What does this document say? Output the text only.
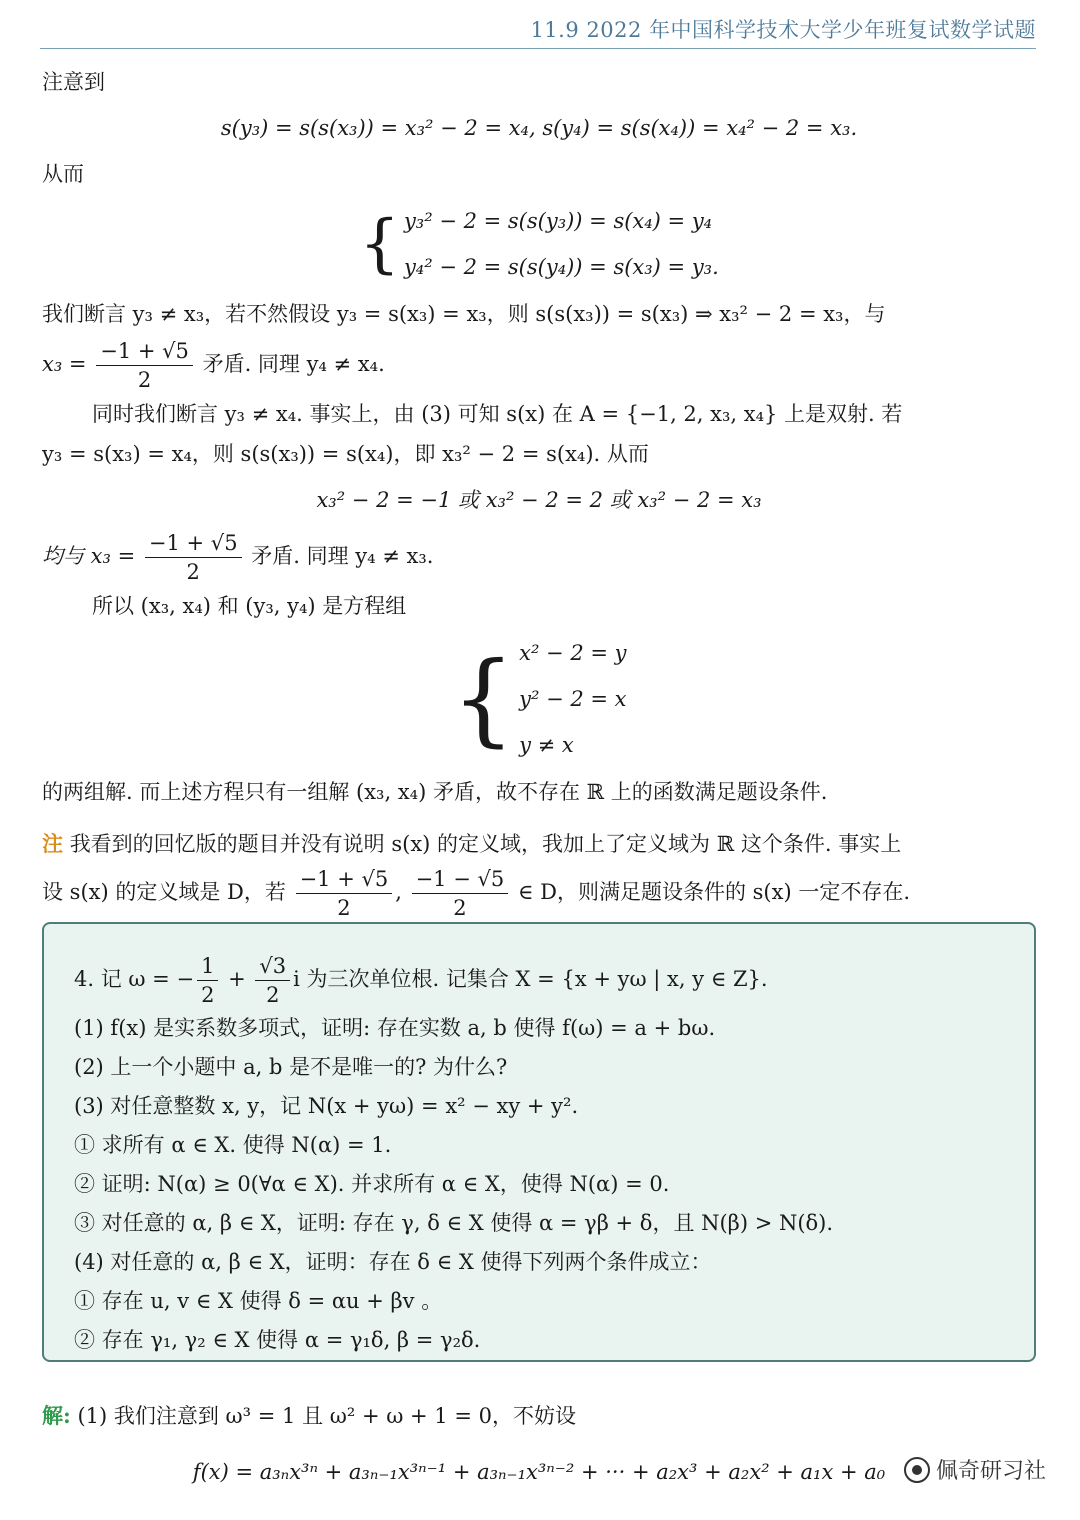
11.9 2022 年中国科学技术大学少年班复试数学试题

注意到

s(y₃) = s(s(x₃)) = x₃² − 2 = x₄, s(y₄) = s(s(x₄)) = x₄² − 2 = x₃.

从而

{ y₃² − 2 = s(s(y₃)) = s(x₄) = y₄
y₄² − 2 = s(s(y₄)) = s(x₃) = y₃.

我们断言 y₃ ≠ x₃，若不然假设 y₃ = s(x₃) = x₃，则 s(s(x₃)) = s(x₃) ⇒ x₃² − 2 = x₃，与

$x_3 = \frac{-1 + √5}{2}$ 矛盾. 同理 y₄ ≠ x₄.

同时我们断言 y₃ ≠ x₄. 事实上，由 (3) 可知 s(x) 在 A = {−1, 2, x₃, x₄} 上是双射. 若

y₃ = s(x₃) = x₄，则 s(s(x₃)) = s(x₄)，即 x₃² − 2 = s(x₄). 从而

x₃² − 2 = −1 或 x₃² − 2 = 2 或 x₃² − 2 = x₃

均与 $x_3 = \frac{-1 + √5}{2}$ 矛盾. 同理 y₄ ≠ x₃.

所以 (x₃, x₄) 和 (y₃, y₄) 是方程组

{ x² − 2 = y
y² − 2 = x
y ≠ x

的两组解. 而上述方程只有一组解 (x₃, x₄) 矛盾，故不存在 ℝ 上的函数满足题设条件.

注 我看到的回忆版的题目并没有说明 s(x) 的定义域，我加上了定义域为 ℝ 这个条件. 事实上

设 s(x) 的定义域是 D，若 $\frac{-1 + √5}{2}$ , $\frac{-1 - √5}{2}$ ∈ D，则满足题设条件的 s(x) 一定不存在.

4. 记 ω = − $\frac{1}{2} + \frac{√3}{2}$ i 为三次单位根. 记集合 X = {x + yω | x, y ∈ Z}.

(1) f(x) 是实系数多项式，证明: 存在实数 a, b 使得 f(ω) = a + bω.

(2) 上一个小题中 a, b 是不是唯一的? 为什么?

(3) 对任意整数 x, y，记 N(x + yω) = x² − xy + y².

① 求所有 α ∈ X. 使得 N(α) = 1.

② 证明: N(α) ≥ 0(∀α ∈ X). 并求所有 α ∈ X，使得 N(α) = 0.

③ 对任意的 α, β ∈ X，证明: 存在 γ, δ ∈ X 使得 α = γβ + δ，且 N(β) > N(δ).

(4) 对任意的 α, β ∈ X，证明：存在 δ ∈ X 使得下列两个条件成立：

① 存在 u, v ∈ X 使得 δ = αu + βv 。

② 存在 γ₁, γ₂ ∈ X 使得 α = γ₁δ, β = γ₂δ.

解: (1) 我们注意到 ω³ = 1 且 ω² + ω + 1 = 0，不妨设

f(x) = a₃ₙx³ⁿ + a₃ₙ₋₁x³ⁿ⁻¹ + a₃ₙ₋₁x³ⁿ⁻² + ··· + a₂x³ + a₂x² + a₁x + a₀	佩奇研习社
